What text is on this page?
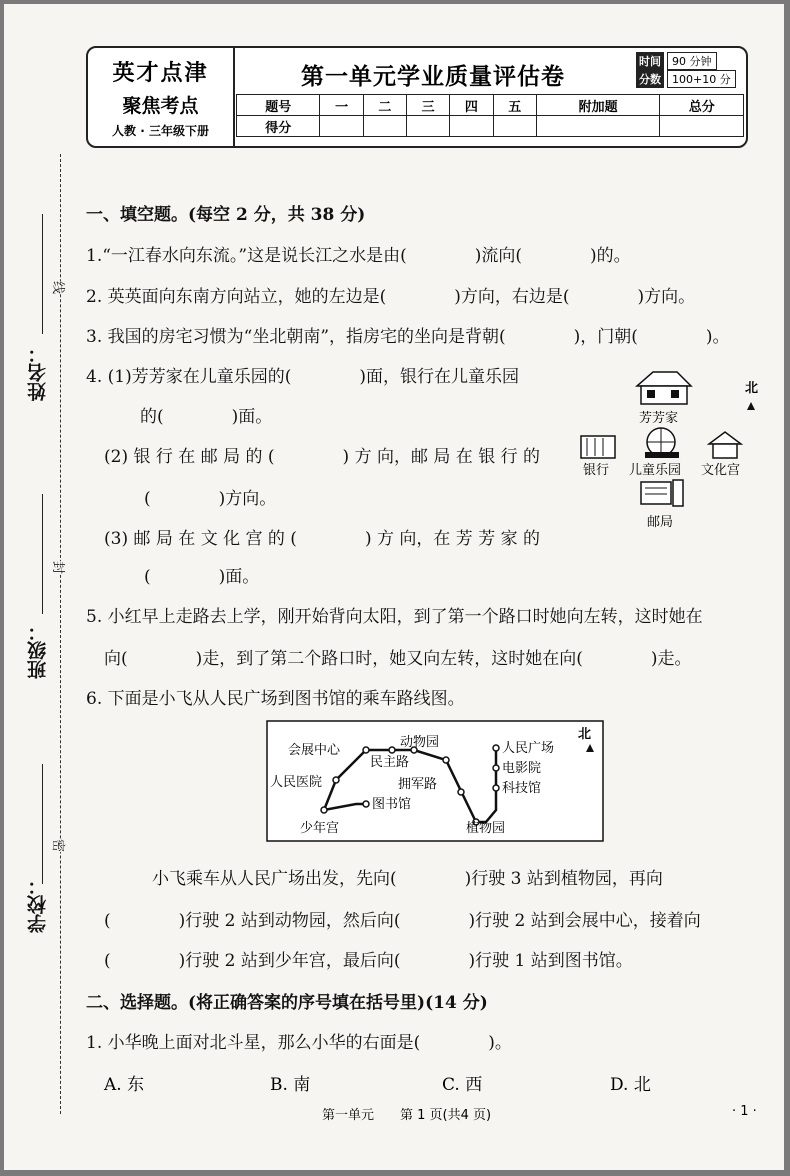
线
封
密
姓名：
班级：
学校：
英才点津
聚焦考点
人教 · 三年级下册
第一单元学业质量评估卷
时间 90 分钟
分数 100+10 分
题号	一	二	三	四	五	附加题	总分
得分							
一、填空题。(每空 2 分，共 38 分)
1.“一江春水向东流。”这是说长江之水是由(　　　　)流向(　　　　)的。
2. 英英面向东南方向站立，她的左边是(　　　　)方向，右边是(　　　　)方向。
3. 我国的房宅习惯为“坐北朝南”，指房宅的坐向是背朝(　　　　)，门朝(　　　　)。
4. (1)芳芳家在儿童乐园的(　　　　)面，银行在儿童乐园
的(　　　　)面。
(2) 银 行 在 邮 局 的 (　　　　) 方 向，邮 局 在 银 行 的
(　　　　)方向。
(3) 邮 局 在 文 化 宫 的 (　　　　) 方 向，在 芳 芳 家 的
(　　　　)面。
北
芳芳家
银行 儿童乐园 文化宫
邮局
5. 小红早上走路去上学，刚开始背向太阳，到了第一个路口时她向左转，这时她在
向(　　　　)走，到了第二个路口时，她又向左转，这时她在向(　　　　)走。
6. 下面是小飞从人民广场到图书馆的乘车路线图。
北
会展中心
动物园	人民广场
民主路	电影院
人民医院	拥军路	科技馆
图书馆
少年宫	植物园
小飞乘车从人民广场出发，先向(　　　　)行驶 3 站到植物园，再向
(　　　　)行驶 2 站到动物园，然后向(　　　　)行驶 2 站到会展中心，接着向
(　　　　)行驶 2 站到少年宫，最后向(　　　　)行驶 1 站到图书馆。
二、选择题。(将正确答案的序号填在括号里)(14 分)
1. 小华晚上面对北斗星，那么小华的右面是(　　　　)。
A. 东	B. 南	C. 西	D. 北
第一单元　　第 1 页(共4 页)	· 1 ·
